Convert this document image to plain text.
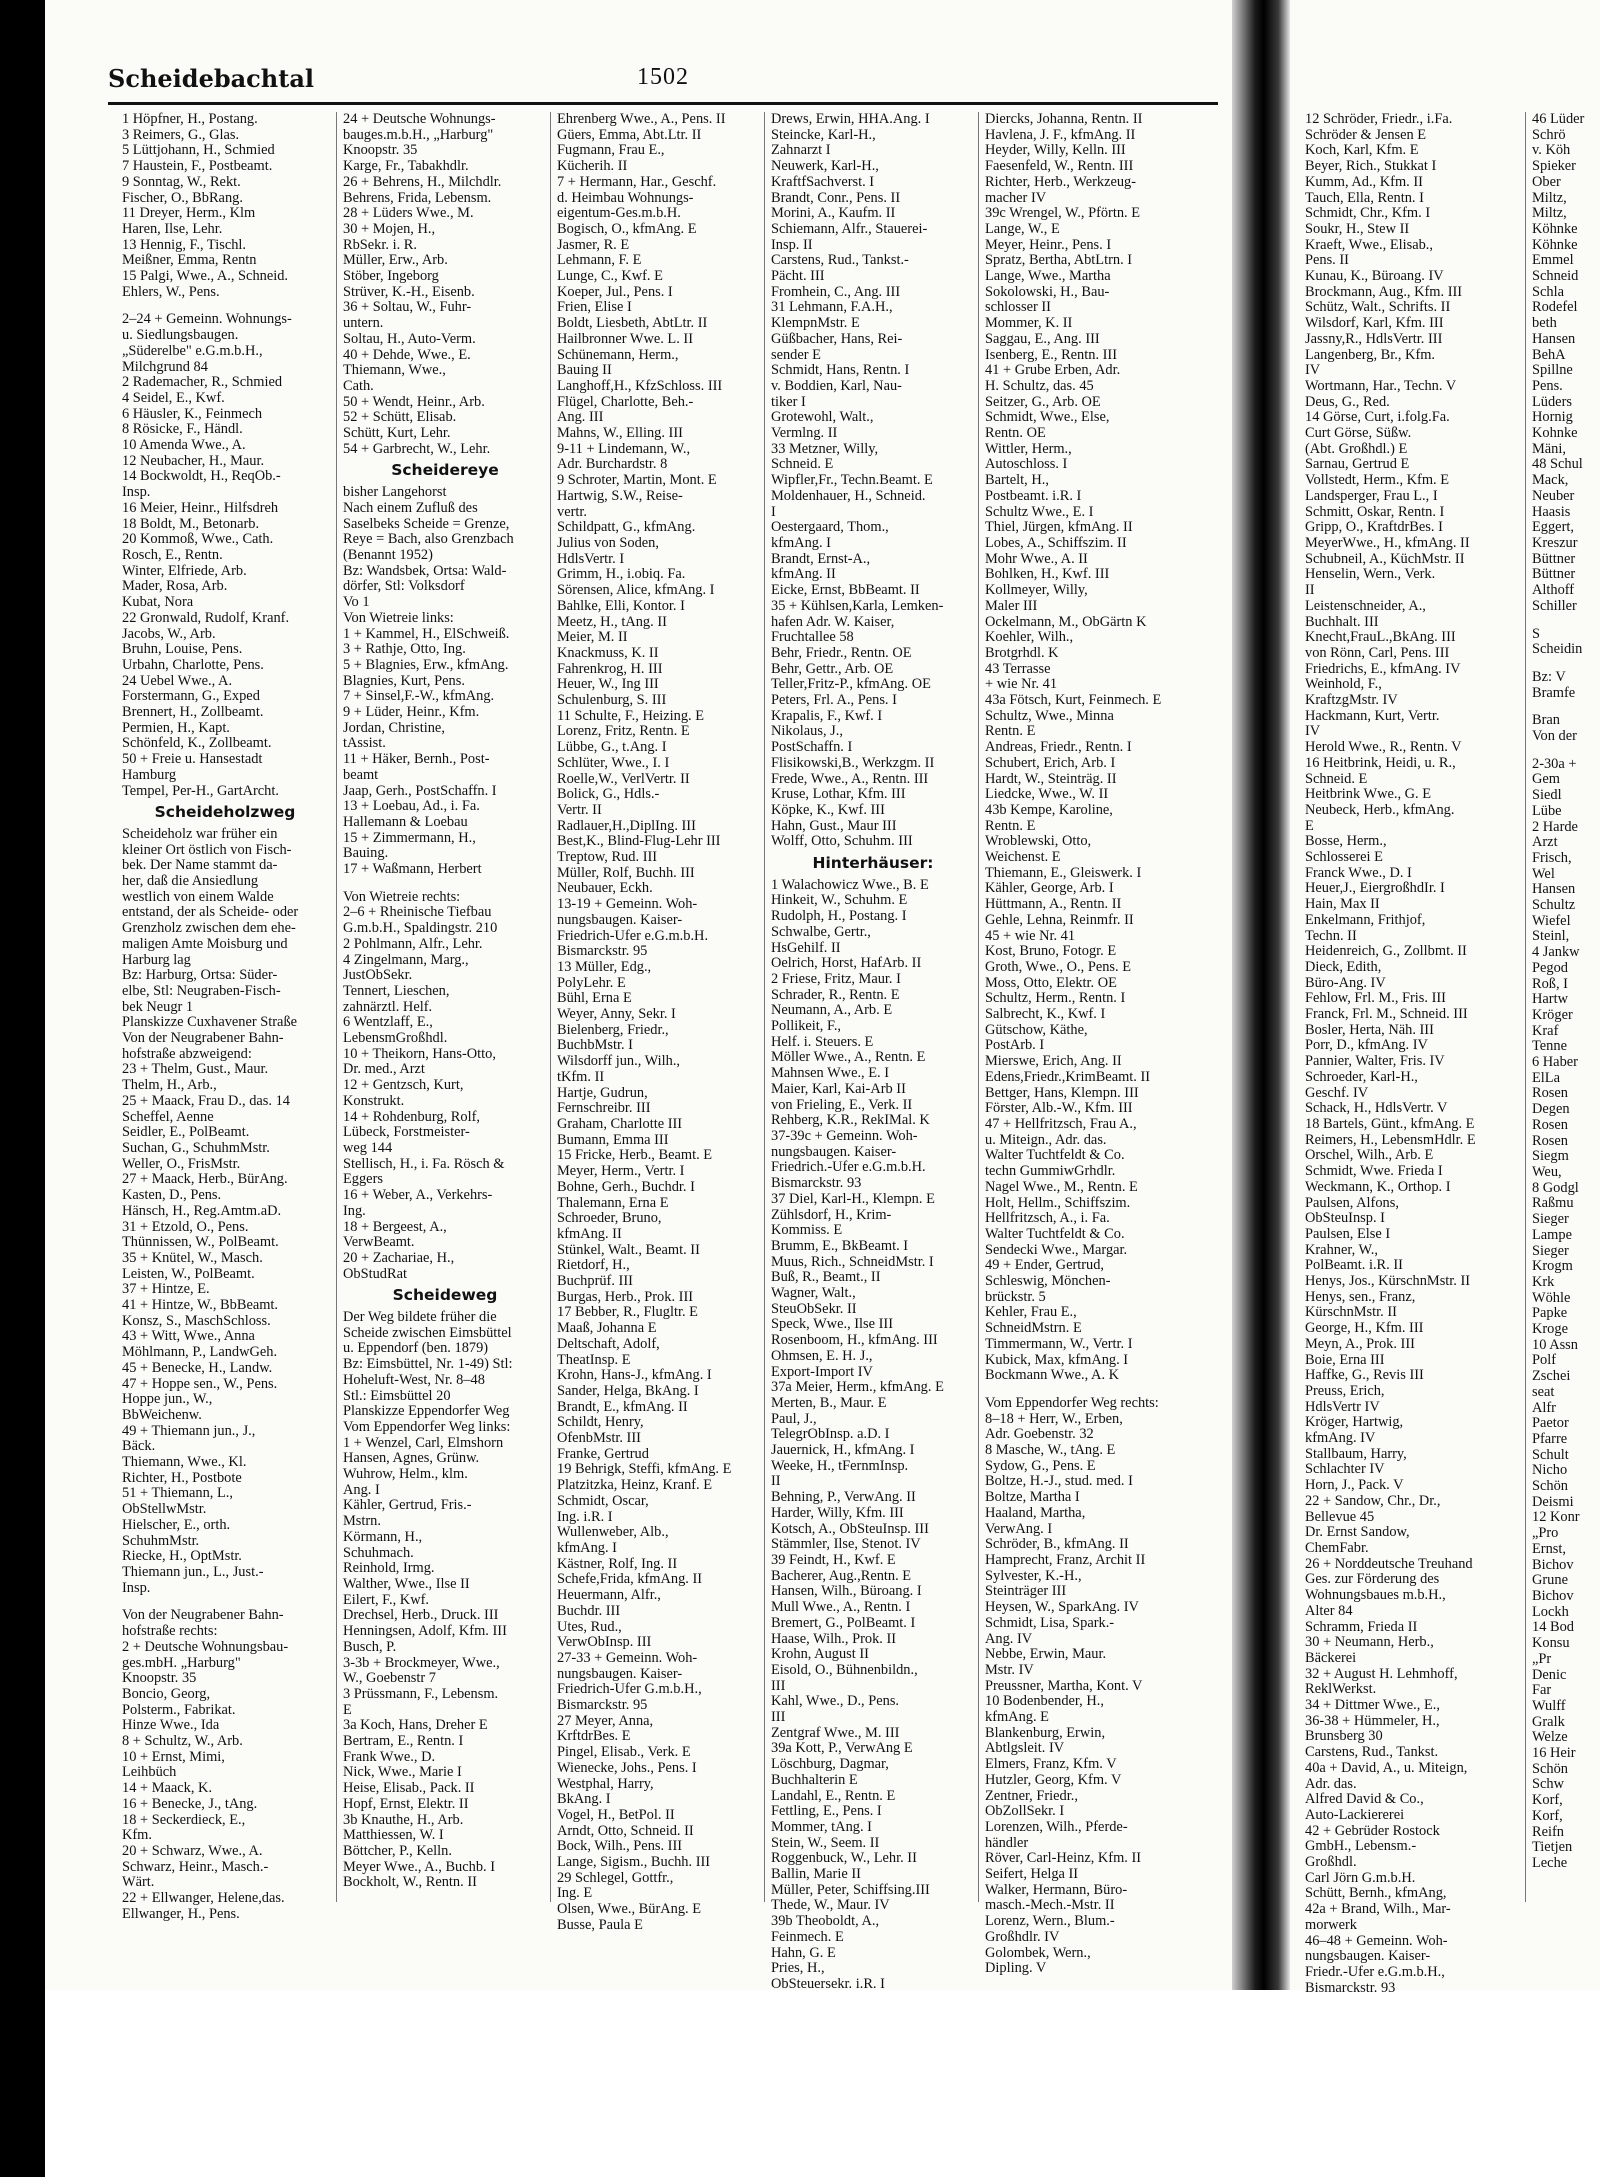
Scheidebachtal	1502
1 Höpfner, H., Postang.
3 Reimers, G., Glas.
5 Lüttjohann, H., Schmied
7 Haustein, F., Postbeamt.
9 Sonntag, W., Rekt.
Fischer, O., BbRang.
11 Dreyer, Herm., Klm
Haren, Ilse, Lehr.
13 Hennig, F., Tischl.
Meißner, Emma, Rentn
15 Palgi, Wwe., A., Schneid.
Ehlers, W., Pens.
2–24 + Gemeinn. Wohnungs-
u. Siedlungsbaugen.
„Süderelbe" e.G.m.b.H.,
Milchgrund 84
2 Rademacher, R., Schmied
4 Seidel, E., Kwf.
6 Häusler, K., Feinmech
8 Rösicke, F., Händl.
10 Amenda Wwe., A.
12 Neubacher, H., Maur.
14 Bockwoldt, H., ReqOb.-
Insp.
16 Meier, Heinr., Hilfsdreh
18 Boldt, M., Betonarb.
20 Kommoß, Wwe., Cath.
Rosch, E., Rentn.
Winter, Elfriede, Arb.
Mader, Rosa, Arb.
Kubat, Nora
22 Gronwald, Rudolf, Kranf.
Jacobs, W., Arb.
Bruhn, Louise, Pens.
Urbahn, Charlotte, Pens.
24 Uebel Wwe., A.
Forstermann, G., Exped
Brennert, H., Zollbeamt.
Permien, H., Kapt.
Schönfeld, K., Zollbeamt.
50 + Freie u. Hansestadt
Hamburg
Tempel, Per-H., GartArcht.
Scheideholzweg
Scheideholz war früher ein
kleiner Ort östlich von Fisch-
bek. Der Name stammt da-
her, daß die Ansiedlung
westlich von einem Walde
entstand, der als Scheide- oder
Grenzholz zwischen dem ehe-
maligen Amte Moisburg und
Harburg lag
Bz: Harburg, Ortsa: Süder-
elbe, Stl: Neugraben-Fisch-
bek Neugr 1
Planskizze Cuxhavener Straße
Von der Neugrabener Bahn-
hofstraße abzweigend:
23 + Thelm, Gust., Maur.
Thelm, H., Arb.,
25 + Maack, Frau D., das. 14
Scheffel, Aenne
Seidler, E., PolBeamt.
Suchan, G., SchuhmMstr.
Weller, O., FrisMstr.
27 + Maack, Herb., BürAng.
Kasten, D., Pens.
Hänsch, H., Reg.Amtm.aD.
31 + Etzold, O., Pens.
Thünnissen, W., PolBeamt.
35 + Knütel, W., Masch.
Leisten, W., PolBeamt.
37 + Hintze, E.
41 + Hintze, W., BbBeamt.
Konsz, S., MaschSchloss.
43 + Witt, Wwe., Anna
Möhlmann, P., LandwGeh.
45 + Benecke, H., Landw.
47 + Hoppe sen., W., Pens.
Hoppe jun., W.,
BbWeichenw.
49 + Thiemann jun., J.,
Bäck.
Thiemann, Wwe., Kl.
Richter, H., Postbote
51 + Thiemann, L.,
ObStellwMstr.
Hielscher, E., orth.
SchuhmMstr.
Riecke, H., OptMstr.
Thiemann jun., L., Just.-
Insp.
Von der Neugrabener Bahn-
hofstraße rechts:
2 + Deutsche Wohnungsbau-
ges.mbH. „Harburg"
Knoopstr. 35
Boncio, Georg,
Polsterm., Fabrikat.
Hinze Wwe., Ida
8 + Schultz, W., Arb.
10 + Ernst, Mimi,
Leihbüch
14 + Maack, K.
16 + Benecke, J., tAng.
18 + Seckerdieck, E.,
Kfm.
20 + Schwarz, Wwe., A.
Schwarz, Heinr., Masch.-
Wärt.
22 + Ellwanger, Helene,das.
Ellwanger, H., Pens.
24 + Deutsche Wohnungs-
bauges.m.b.H., „Harburg"
Knoopstr. 35
Karge, Fr., Tabakhdlr.
26 + Behrens, H., Milchdlr.
Behrens, Frida, Lebensm.
28 + Lüders Wwe., M.
30 + Mojen, H.,
RbSekr. i. R.
Müller, Erw., Arb.
Stöber, Ingeborg
Strüver, K.-H., Eisenb.
36 + Soltau, W., Fuhr-
untern.
Soltau, H., Auto-Verm.
40 + Dehde, Wwe., E.
Thiemann, Wwe.,
Cath.
50 + Wendt, Heinr., Arb.
52 + Schütt, Elisab.
Schütt, Kurt, Lehr.
54 + Garbrecht, W., Lehr.
Scheidereye
bisher Langehorst
Nach einem Zufluß des
Saselbeks Scheide = Grenze,
Reye = Bach, also Grenzbach
(Benannt 1952)
Bz: Wandsbek, Ortsa: Wald-
dörfer, Stl: Volksdorf
Vo 1
Von Wietreie links:
1 + Kammel, H., ElSchweiß.
3 + Rathje, Otto, Ing.
5 + Blagnies, Erw., kfmAng.
Blagnies, Kurt, Pens.
7 + Sinsel,F.-W., kfmAng.
9 + Lüder, Heinr., Kfm.
Jordan, Christine,
tAssist.
11 + Häker, Bernh., Post-
beamt
Jaap, Gerh., PostSchaffn. I
13 + Loebau, Ad., i. Fa.
Hallemann & Loebau
15 + Zimmermann, H.,
Bauing.
17 + Waßmann, Herbert
Von Wietreie rechts:
2–6 + Rheinische Tiefbau
G.m.b.H., Spaldingstr. 210
2 Pohlmann, Alfr., Lehr.
4 Zingelmann, Marg.,
JustObSekr.
Tennert, Lieschen,
zahnärztl. Helf.
6 Wentzlaff, E.,
LebensmGroßhdl.
10 + Theikorn, Hans-Otto,
Dr. med., Arzt
12 + Gentzsch, Kurt,
Konstrukt.
14 + Rohdenburg, Rolf,
Lübeck, Forstmeister-
weg 144
Stellisch, H., i. Fa. Rösch &
Eggers
16 + Weber, A., Verkehrs-
Ing.
18 + Bergeest, A.,
VerwBeamt.
20 + Zachariae, H.,
ObStudRat
Scheideweg
Der Weg bildete früher die
Scheide zwischen Eimsbüttel
u. Eppendorf (ben. 1879)
Bz: Eimsbüttel, Nr. 1-49) Stl:
Hoheluft-West, Nr. 8–48
Stl.: Eimsbüttel 20
Planskizze Eppendorfer Weg
Vom Eppendorfer Weg links:
1 + Wenzel, Carl, Elmshorn
Hansen, Agnes, Grünw.
Wuhrow, Helm., klm.
Ang. I
Kähler, Gertrud, Fris.-
Mstrn.
Körmann, H.,
Schuhmach.
Reinhold, Irmg.
Walther, Wwe., Ilse II
Eilert, F., Kwf.
Drechsel, Herb., Druck. III
Henningsen, Adolf, Kfm. III
Busch, P.
3-3b + Brockmeyer, Wwe.,
W., Goebenstr 7
3 Prüssmann, F., Lebensm.
E
3a Koch, Hans, Dreher E
Bertram, E., Rentn. I
Frank Wwe., D.
Nick, Wwe., Marie I
Heise, Elisab., Pack. II
Hopf, Ernst, Elektr. II
3b Knauthe, H., Arb.
Matthiessen, W. I
Böttcher, P., Kelln.
Meyer Wwe., A., Buchb. I
Bockholt, W., Rentn. II
Ehrenberg Wwe., A., Pens. II
Güers, Emma, Abt.Ltr. II
Fugmann, Frau E.,
Kücherih. II
7 + Hermann, Har., Geschf.
d. Heimbau Wohnungs-
eigentum-Ges.m.b.H.
Bogisch, O., kfmAng. E
Jasmer, R. E
Lehmann, F. E
Lunge, C., Kwf. E
Koeper, Jul., Pens. I
Frien, Elise I
Boldt, Liesbeth, AbtLtr. II
Hailbronner Wwe. L. II
Schünemann, Herm.,
Bauing II
Langhoff,H., KfzSchloss. III
Flügel, Charlotte, Beh.-
Ang. III
Mahns, W., Elling. III
9-11 + Lindemann, W.,
Adr. Burchardstr. 8
9 Schroter, Martin, Mont. E
Hartwig, S.W., Reise-
vertr.
Schildpatt, G., kfmAng.
Julius von Soden,
HdlsVertr. I
Grimm, H., i.obiq. Fa.
Sörensen, Alice, kfmAng. I
Bahlke, Elli, Kontor. I
Meetz, H., tAng. II
Meier, M. II
Knackmuss, K. II
Fahrenkrog, H. III
Heuer, W., Ing III
Schulenburg, S. III
11 Schulte, F., Heizing. E
Lorenz, Fritz, Rentn. E
Lübbe, G., t.Ang. I
Schlüter, Wwe., I. I
Roelle,W., VerlVertr. II
Bolick, G., Hdls.-
Vertr. II
Radlauer,H.,DiplIng. III
Best,K., Blind-Flug-Lehr III
Treptow, Rud. III
Müller, Rolf, Buchh. III
Neubauer, Eckh.
13-19 + Gemeinn. Woh-
nungsbaugen. Kaiser-
Friedrich-Ufer e.G.m.b.H.
Bismarckstr. 95
13 Müller, Edg.,
PolyLehr. E
Bühl, Erna E
Weyer, Anny, Sekr. I
Bielenberg, Friedr.,
BuchbMstr. I
Wilsdorff jun., Wilh.,
tKfm. II
Hartje, Gudrun,
Fernschreibr. III
Graham, Charlotte III
Bumann, Emma III
15 Fricke, Herb., Beamt. E
Meyer, Herm., Vertr. I
Bohne, Gerh., Buchdr. I
Thalemann, Erna E
Schroeder, Bruno,
kfmAng. II
Stünkel, Walt., Beamt. II
Rietdorf, H.,
Buchprüf. III
Burgas, Herb., Prok. III
17 Bebber, R., Flugltr. E
Maaß, Johanna E
Deltschaft, Adolf,
TheatInsp. E
Krohn, Hans-J., kfmAng. I
Sander, Helga, BkAng. I
Brandt, E., kfmAng. II
Schildt, Henry,
OfenbMstr. III
Franke, Gertrud
19 Behrigk, Steffi, kfmAng. E
Platzitzka, Heinz, Kranf. E
Schmidt, Oscar,
Ing. i.R. I
Wullenweber, Alb.,
kfmAng. I
Kästner, Rolf, Ing. II
Schefe,Frida, kfmAng. II
Heuermann, Alfr.,
Buchdr. III
Utes, Rud.,
VerwObInsp. III
27-33 + Gemeinn. Woh-
nungsbaugen. Kaiser-
Friedrich-Ufer G.m.b.H.,
Bismarckstr. 95
27 Meyer, Anna,
KrftdrBes. E
Pingel, Elisab., Verk. E
Wienecke, Johs., Pens. I
Westphal, Harry,
BkAng. I
Vogel, H., BetPol. II
Arndt, Otto, Schneid. II
Bock, Wilh., Pens. III
Lange, Sigism., Buchh. III
29 Schlegel, Gottfr.,
Ing. E
Olsen, Wwe., BürAng. E
Busse, Paula E
Drews, Erwin, HHA.Ang. I
Steincke, Karl-H.,
Zahnarzt I
Neuwerk, Karl-H.,
KraftfSachverst. I
Brandt, Conr., Pens. II
Morini, A., Kaufm. II
Schiemann, Alfr., Stauerei-
Insp. II
Carstens, Rud., Tankst.-
Pächt. III
Fromhein, C., Ang. III
31 Lehmann, F.A.H.,
KlempnMstr. E
Güßbacher, Hans, Rei-
sender E
Schmidt, Hans, Rentn. I
v. Boddien, Karl, Nau-
tiker I
Grotewohl, Walt.,
Vermlng. II
33 Metzner, Willy,
Schneid. E
Wipfler,Fr., Techn.Beamt. E
Moldenhauer, H., Schneid.
I
Oestergaard, Thom.,
kfmAng. I
Brandt, Ernst-A.,
kfmAng. II
Eicke, Ernst, BbBeamt. II
35 + Kühlsen,Karla, Lemken-
hafen Adr. W. Kaiser,
Fruchtallee 58
Behr, Friedr., Rentn. OE
Behr, Gettr., Arb. OE
Teller,Fritz-P., kfmAng. OE
Peters, Frl. A., Pens. I
Krapalis, F., Kwf. I
Nikolaus, J.,
PostSchaffn. I
Flisikowski,B., Werkzgm. II
Frede, Wwe., A., Rentn. III
Kruse, Lothar, Kfm. III
Köpke, K., Kwf. III
Hahn, Gust., Maur III
Wolff, Otto, Schuhm. III
Hinterhäuser:
1 Walachowicz Wwe., B. E
Hinkeit, W., Schuhm. E
Rudolph, H., Postang. I
Schwalbe, Gertr.,
HsGehilf. II
Oelrich, Horst, HafArb. II
2 Friese, Fritz, Maur. I
Schrader, R., Rentn. E
Neumann, A., Arb. E
Pollikeit, F.,
Helf. i. Steuers. E
Möller Wwe., A., Rentn. E
Mahnsen Wwe., E. I
Maier, Karl, Kai-Arb II
von Frieling, E., Verk. II
Rehberg, K.R., RekIMal. K
37-39c + Gemeinn. Woh-
nungsbaugen. Kaiser-
Friedrich.-Ufer e.G.m.b.H.
Bismarckstr. 93
37 Diel, Karl-H., Klempn. E
Zühlsdorf, H., Krim-
Kommiss. E
Brumm, E., BkBeamt. I
Muus, Rich., SchneidMstr. I
Buß, R., Beamt., II
Wagner, Walt.,
SteuObSekr. II
Speck, Wwe., Ilse III
Rosenboom, H., kfmAng. III
Ohmsen, E. H. J.,
Export-Import IV
37a Meier, Herm., kfmAng. E
Merten, B., Maur. E
Paul, J.,
TelegrObInsp. a.D. I
Jauernick, H., kfmAng. I
Weeke, H., tFernmInsp.
II
Behning, P., VerwAng. II
Harder, Willy, Kfm. III
Kotsch, A., ObSteuInsp. III
Stämmler, Ilse, Stenot. IV
39 Feindt, H., Kwf. E
Bacherer, Aug.,Rentn. E
Hansen, Wilh., Büroang. I
Mull Wwe., A., Rentn. I
Bremert, G., PolBeamt. I
Haase, Wilh., Prok. II
Krohn, August II
Eisold, O., Bühnenbildn.,
III
Kahl, Wwe., D., Pens.
III
Zentgraf Wwe., M. III
39a Kott, P., VerwAng E
Löschburg, Dagmar,
Buchhalterin E
Landahl, E., Rentn. E
Fettling, E., Pens. I
Mommer, tAng. I
Stein, W., Seem. II
Roggenbuck, W., Lehr. II
Ballin, Marie II
Müller, Peter, Schiffsing.III
Thede, W., Maur. IV
39b Theoboldt, A.,
Feinmech. E
Hahn, G. E
Pries, H.,
ObSteuersekr. i.R. I
Diercks, Johanna, Rentn. II
Havlena, J. F., kfmAng. II
Heyder, Willy, Kelln. III
Faesenfeld, W., Rentn. III
Richter, Herb., Werkzeug-
macher IV
39c Wrengel, W., Pförtn. E
Lange, W., E
Meyer, Heinr., Pens. I
Spratz, Bertha, AbtLtrn. I
Lange, Wwe., Martha
Sokolowski, H., Bau-
schlosser II
Mommer, K. II
Saggau, E., Ang. III
Isenberg, E., Rentn. III
41 + Grube Erben, Adr.
H. Schultz, das. 45
Seitzer, G., Arb. OE
Schmidt, Wwe., Else,
Rentn. OE
Wittler, Herm.,
Autoschloss. I
Bartelt, H.,
Postbeamt. i.R. I
Schultz Wwe., E. I
Thiel, Jürgen, kfmAng. II
Lobes, A., Schiffszim. II
Mohr Wwe., A. II
Bohlken, H., Kwf. III
Kollmeyer, Willy,
Maler III
Ockelmann, M., ObGärtn K
Koehler, Wilh.,
Brotgrhdl. K
43 Terrasse
+ wie Nr. 41
43a Fötsch, Kurt, Feinmech. E
Schultz, Wwe., Minna
Rentn. E
Andreas, Friedr., Rentn. I
Schubert, Erich, Arb. I
Hardt, W., Steinträg. II
Liedcke, Wwe., W. II
43b Kempe, Karoline,
Rentn. E
Wroblewski, Otto,
Weichenst. E
Thiemann, E., Gleiswerk. I
Kähler, George, Arb. I
Hüttmann, A., Rentn. II
Gehle, Lehna, Reinmfr. II
45 + wie Nr. 41
Kost, Bruno, Fotogr. E
Groth, Wwe., O., Pens. E
Moss, Otto, Elektr. OE
Schultz, Herm., Rentn. I
Salbrecht, K., Kwf. I
Gütschow, Käthe,
PostArb. I
Mierswe, Erich, Ang. II
Edens,Friedr.,KrimBeamt. II
Bettger, Hans, Klempn. III
Förster, Alb.-W., Kfm. III
47 + Hellfritzsch, Frau A.,
u. Miteign., Adr. das.
Walter Tuchtfeldt & Co.
techn GummiwGrhdlr.
Nagel Wwe., M., Rentn. E
Holt, Hellm., Schiffszim.
Hellfritzsch, A., i. Fa.
Walter Tuchtfeldt & Co.
Sendecki Wwe., Margar.
49 + Ender, Gertrud,
Schleswig, Mönchen-
brückstr. 5
Kehler, Frau E.,
SchneidMstrn. E
Timmermann, W., Vertr. I
Kubick, Max, kfmAng. I
Bockmann Wwe., A. K
Vom Eppendorfer Weg rechts:
8–18 + Herr, W., Erben,
Adr. Goebenstr. 32
8 Masche, W., tAng. E
Sydow, G., Pens. E
Boltze, H.-J., stud. med. I
Boltze, Martha I
Haaland, Martha,
VerwAng. I
Schröder, B., kfmAng. II
Hamprecht, Franz, Archit II
Sylvester, K.-H.,
Steinträger III
Heysen, W., SparkAng. IV
Schmidt, Lisa, Spark.-
Ang. IV
Nebbe, Erwin, Maur.
Mstr. IV
Preussner, Martha, Kont. V
10 Bodenbender, H.,
kfmAng. E
Blankenburg, Erwin,
Abtlgsleit. IV
Elmers, Franz, Kfm. V
Hutzler, Georg, Kfm. V
Zentner, Friedr.,
ObZollSekr. I
Lorenzen, Wilh., Pferde-
händler
Röver, Carl-Heinz, Kfm. II
Seifert, Helga II
Walker, Hermann, Büro-
masch.-Mech.-Mstr. II
Lorenz, Wern., Blum.-
Großhdlr. IV
Golombek, Wern.,
Dipling. V
12 Schröder, Friedr., i.Fa.
Schröder & Jensen E
Koch, Karl, Kfm. E
Beyer, Rich., Stukkat I
Kumm, Ad., Kfm. II
Tauch, Ella, Rentn. I
Schmidt, Chr., Kfm. I
Soukr, H., Stew II
Kraeft, Wwe., Elisab.,
Pens. II
Kunau, K., Büroang. IV
Brockmann, Aug., Kfm. III
Schütz, Walt., Schrifts. II
Wilsdorf, Karl, Kfm. III
Jassny,R., HdlsVertr. III
Langenberg, Br., Kfm.
IV
Wortmann, Har., Techn. V
Deus, G., Red.
14 Görse, Curt, i.folg.Fa.
Curt Görse, Süßw.
(Abt. Großhdl.) E
Sarnau, Gertrud E
Vollstedt, Herm., Kfm. E
Landsperger, Frau L., I
Schmitt, Oskar, Rentn. I
Gripp, O., KraftdrBes. I
MeyerWwe., H., kfmAng. II
Schubneil, A., KüchMstr. II
Henselin, Wern., Verk.
II
Leistenschneider, A.,
Buchhalt. III
Knecht,FrauL.,BkAng. III
von Rönn, Carl, Pens. III
Friedrichs, E., kfmAng. IV
Weinhold, F.,
KraftzgMstr. IV
Hackmann, Kurt, Vertr.
IV
Herold Wwe., R., Rentn. V
16 Heitbrink, Heidi, u. R.,
Schneid. E
Heitbrink Wwe., G. E
Neubeck, Herb., kfmAng.
E
Bosse, Herm.,
Schlosserei E
Franck Wwe., D. I
Heuer,J., EiergroßhdIr. I
Hain, Max II
Enkelmann, Frithjof,
Techn. II
Heidenreich, G., Zollbmt. II
Dieck, Edith,
Büro-Ang. IV
Fehlow, Frl. M., Fris. III
Franck, Frl. M., Schneid. III
Bosler, Herta, Näh. III
Porr, D., kfmAng. IV
Pannier, Walter, Fris. IV
Schroeder, Karl-H.,
Geschf. IV
Schack, H., HdlsVertr. V
18 Bartels, Günt., kfmAng. E
Reimers, H., LebensmHdlr. E
Orschel, Wilh., Arb. E
Schmidt, Wwe. Frieda I
Weckmann, K., Orthop. I
Paulsen, Alfons,
ObSteuInsp. I
Paulsen, Else I
Krahner, W.,
PolBeamt. i.R. II
Henys, Jos., KürschnMstr. II
Henys, sen., Franz,
KürschnMstr. II
George, H., Kfm. III
Meyn, A., Prok. III
Boie, Erna III
Haffke, G., Revis III
Preuss, Erich,
HdlsVertr IV
Kröger, Hartwig,
kfmAng. IV
Stallbaum, Harry,
Schlachter IV
Horn, J., Pack. V
22 + Sandow, Chr., Dr.,
Bellevue 45
Dr. Ernst Sandow,
ChemFabr.
26 + Norddeutsche Treuhand
Ges. zur Förderung des
Wohnungsbaues m.b.H.,
Alter 84
Schramm, Frieda II
30 + Neumann, Herb.,
Bäckerei
32 + August H. Lehmhoff,
ReklWerkst.
34 + Dittmer Wwe., E.,
36-38 + Hümmeler, H.,
Brunsberg 30
Carstens, Rud., Tankst.
40a + David, A., u. Miteign,
Adr. das.
Alfred David & Co.,
Auto-Lackiererei
42 + Gebrüder Rostock
GmbH., Lebensm.-
Großhdl.
Carl Jörn G.m.b.H.
Schütt, Bernh., kfmAng,
42a + Brand, Wilh., Mar-
morwerk
46–48 + Gemeinn. Woh-
nungsbaugen. Kaiser-
Friedr.-Ufer e.G.m.b.H.,
Bismarckstr. 93
46 Lüder
Schrö
v. Köh
Spieker
Ober
Miltz,
Miltz,
Köhnke
Köhnke
Emmel
Schneid
Schla
Rodefel
beth
Hansen
BehA
Spillne
Pens.
Lüders
Hornig
Kohnke
Mäni,
48 Schul
Mack,
Neuber
Haasis
Eggert,
Kreszur
Büttner
Büttner
Althoff
Schiller
S
Scheidin
Bz: V
Bramfe
Bran
Von der
2-30a +
Gem
Siedl
Lübe
2 Harde
Arzt
Frisch,
Wel
Hansen
Schultz
Wiefel
Steinl,
4 Jankw
Pegod
Roß, I
Hartw
Kröger
Kraf
Tenne
6 Haber
ElLa
Rosen
Degen
Rosen
Rosen
Siegm
Weu,
8 Godgl
Raßmu
Sieger
Lampe
Sieger
Krogm
Krk
Wöhle
Papke
Kroge
10 Assn
Polf
Zschei
seat
Alfr
Paetor
Pfarre
Schult
Nicho
Schön
Deismi
12 Konr
„Pro
Ernst,
Bichov
Grune
Bichov
Lockh
14 Bod
Konsu
„Pr
Denic
Far
Wulff
Gralk
Welze
16 Heir
Schön
Schw
Korf,
Korf,
Reifn
Tietjen
Leche
